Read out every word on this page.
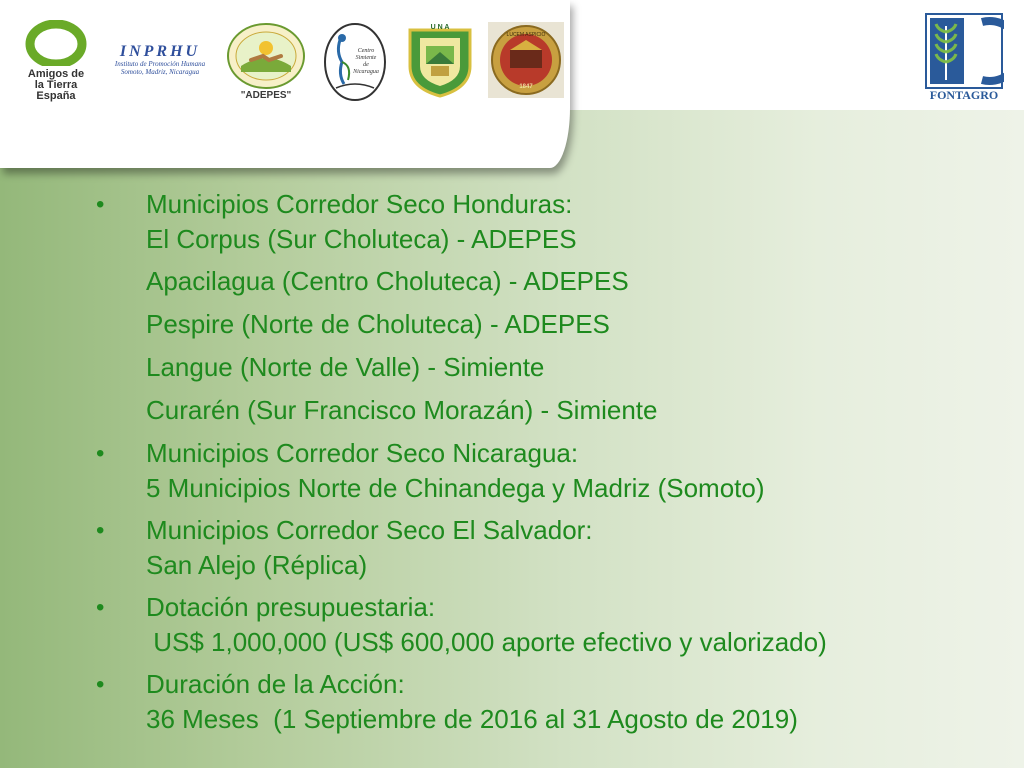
Amigos de
la Tierra
España
INPRHU
Instituto de Promoción Humana
Somoto, Madriz, Nicaragua
"ADEPES"
Centro
Simiente
de
Nicaragua
U N A
LUCEM ASPICIO
1847
FONTAGRO
• Municipios Corredor Seco Honduras:
El Corpus (Sur Choluteca) - ADEPES
Apacilagua (Centro Choluteca) - ADEPES
Pespire (Norte de Choluteca) - ADEPES
Langue (Norte de Valle) - Simiente
Curarén (Sur Francisco Morazán) - Simiente
• Municipios Corredor Seco Nicaragua:
5 Municipios Norte de Chinandega y Madriz (Somoto)
• Municipios Corredor Seco El Salvador:
San Alejo (Réplica)
• Dotación presupuestaria:
US$ 1,000,000 (US$ 600,000 aporte efectivo y valorizado)
• Duración de la Acción:
36 Meses  (1 Septiembre de 2016 al 31 Agosto de 2019)
